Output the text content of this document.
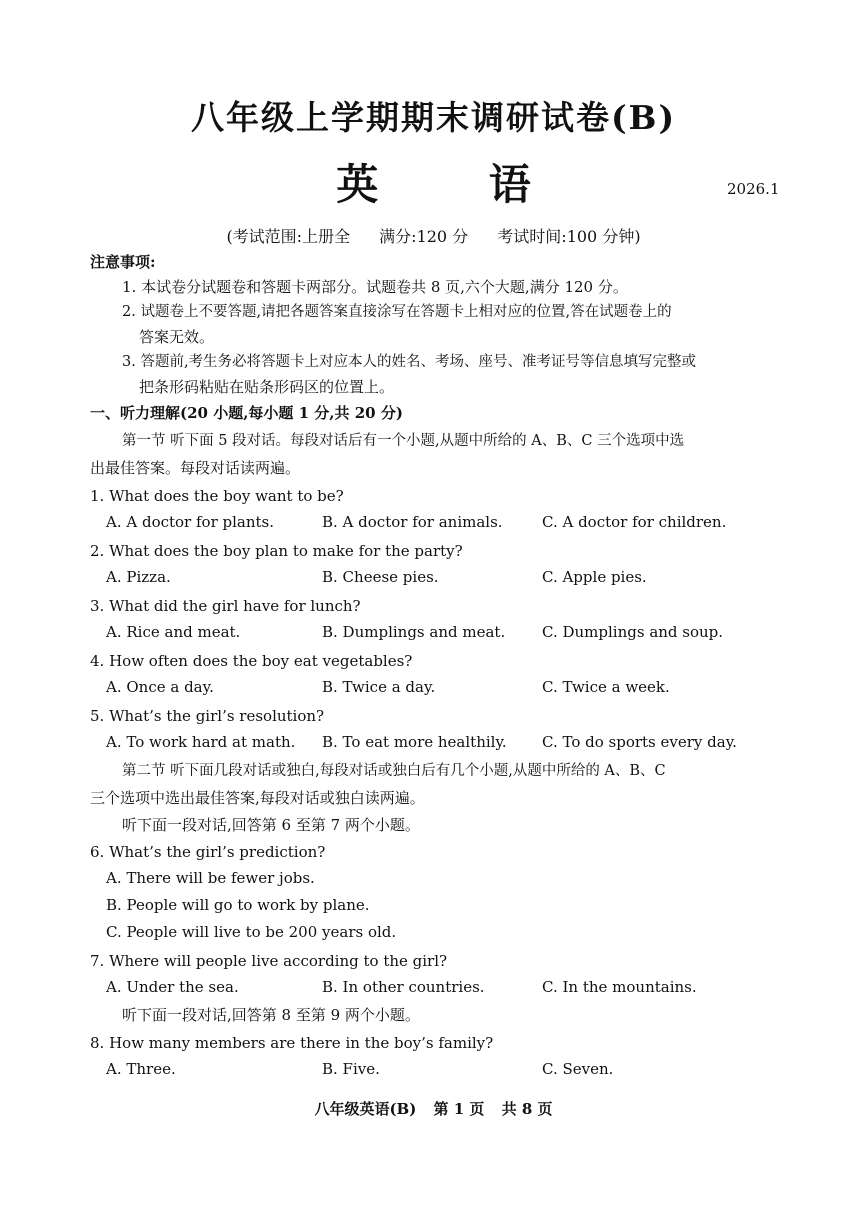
八年级上学期期末调研试卷(B)
英 语	2026.1
(考试范围:上册全 满分:120 分 考试时间:100 分钟)
注意事项:
1. 本试卷分试题卷和答题卡两部分。试题卷共 8 页,六个大题,满分 120 分。
2. 试题卷上不要答题,请把各题答案直接涂写在答题卡上相对应的位置,答在试题卷上的
答案无效。
3. 答题前,考生务必将答题卡上对应本人的姓名、考场、座号、准考证号等信息填写完整或
把条形码粘贴在贴条形码区的位置上。
一、听力理解(20 小题,每小题 1 分,共 20 分)
第一节 听下面 5 段对话。每段对话后有一个小题,从题中所给的 A、B、C 三个选项中选
出最佳答案。每段对话读两遍。
1. What does the boy want to be?
A. A doctor for plants.	B. A doctor for animals.	C. A doctor for children.
2. What does the boy plan to make for the party?
A. Pizza.	B. Cheese pies.	C. Apple pies.
3. What did the girl have for lunch?
A. Rice and meat.	B. Dumplings and meat. C. Dumplings and soup.
4. How often does the boy eat vegetables?
A. Once a day.	B. Twice a day.	C. Twice a week.
5. What’s the girl’s resolution?
A. To work hard at math. B. To eat more healthily. C. To do sports every day.
第二节 听下面几段对话或独白,每段对话或独白后有几个小题,从题中所给的 A、B、C
三个选项中选出最佳答案,每段对话或独白读两遍。
听下面一段对话,回答第 6 至第 7 两个小题。
6. What’s the girl’s prediction?
A. There will be fewer jobs.
B. People will go to work by plane.
C. People will live to be 200 years old.
7. Where will people live according to the girl?
A. Under the sea.	B. In other countries.	C. In the mountains.
听下面一段对话,回答第 8 至第 9 两个小题。
8. How many members are there in the boy’s family?
A. Three.	B. Five.	C. Seven.
八年级英语(B) 第 1 页 共 8 页
